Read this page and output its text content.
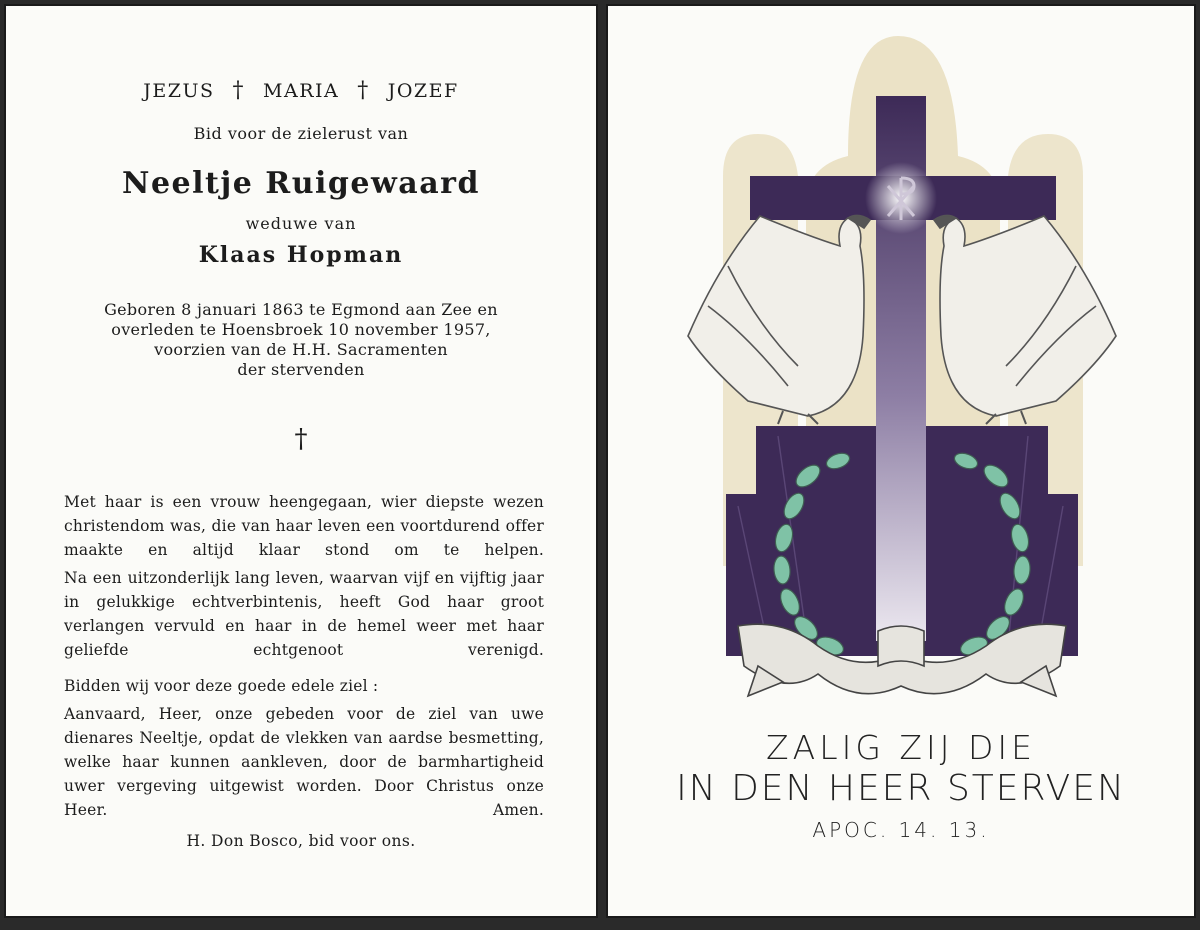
JEZUS † MARIA † JOZEF
Bid voor de zielerust van
Neeltje Ruigewaard
weduwe van
Klaas Hopman
Geboren 8 januari 1863 te Egmond aan Zee en
overleden te Hoensbroek 10 november 1957,
voorzien van de H.H. Sacramenten
der stervenden
†
Met haar is een vrouw heengegaan, wier diepste wezen christendom was, die van haar leven een voortdurend offer maakte en altijd klaar stond om te helpen.
Na een uitzonderlijk lang leven, waarvan vijf en vijftig jaar in gelukkige echtverbintenis, heeft God haar groot verlangen vervuld en haar in de hemel weer met haar geliefde echtgenoot verenigd.
Bidden wij voor deze goede edele ziel :
Aanvaard, Heer, onze gebeden voor de ziel van uwe dienares Neeltje, opdat de vlekken van aardse besmetting, welke haar kunnen aankleven, door de barmhartigheid uwer vergeving uitgewist worden. Door Christus onze Heer. Amen.
H. Don Bosco, bid voor ons.
ZALIG ZIJ DIE
IN DEN HEER STERVEN
APOC. 14. 13.
